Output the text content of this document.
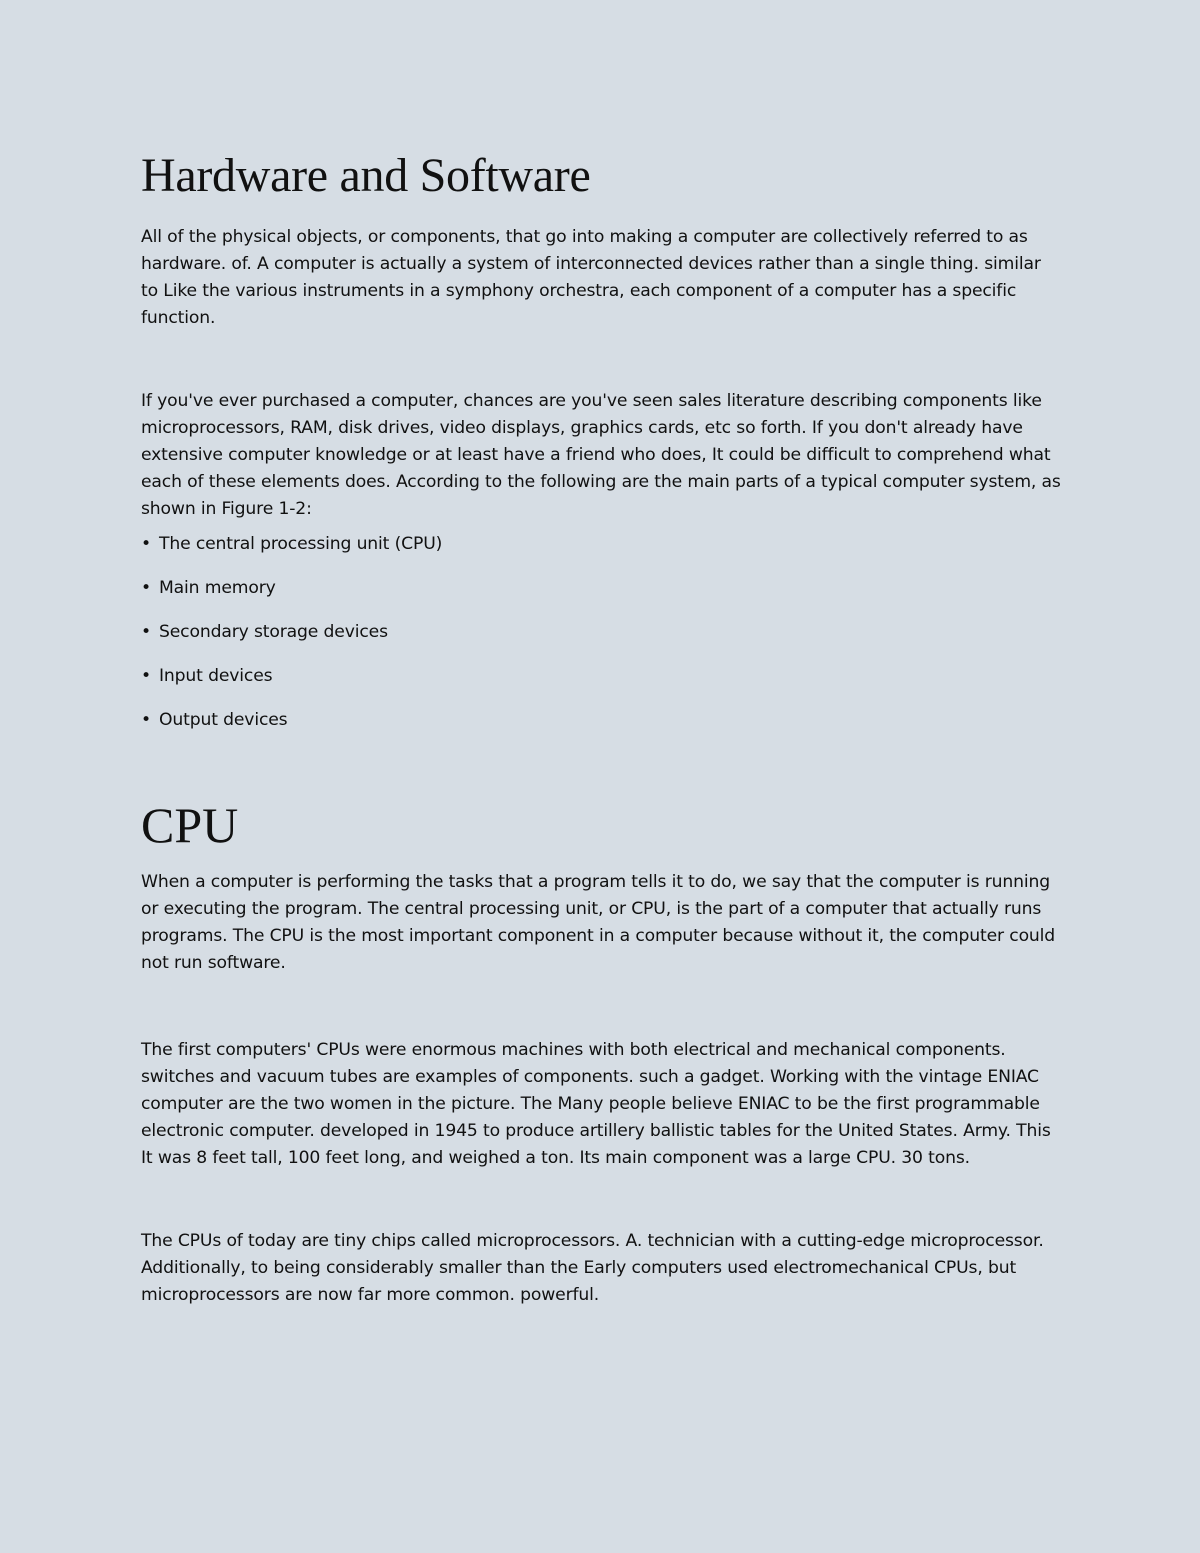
Hardware and Software

All of the physical objects, or components, that go into making a computer are collectively referred to as hardware. of. A computer is actually a system of interconnected devices rather than a single thing. similar to Like the various instruments in a symphony orchestra, each component of a computer has a specific function.

If you've ever purchased a computer, chances are you've seen sales literature describing components like microprocessors, RAM, disk drives, video displays, graphics cards, etc so forth. If you don't already have extensive computer knowledge or at least have a friend who does, It could be difficult to comprehend what each of these elements does. According to the following are the main parts of a typical computer system, as shown in Figure 1-2:

• The central processing unit (CPU)
• Main memory
• Secondary storage devices
• Input devices
• Output devices
CPU

When a computer is performing the tasks that a program tells it to do, we say that the computer is running or executing the program. The central processing unit, or CPU, is the part of a computer that actually runs programs. The CPU is the most important component in a computer because without it, the computer could not run software.

The first computers' CPUs were enormous machines with both electrical and mechanical components. switches and vacuum tubes are examples of components. such a gadget. Working with the vintage ENIAC computer are the two women in the picture. The Many people believe ENIAC to be the first programmable electronic computer. developed in 1945 to produce artillery ballistic tables for the United States. Army. This It was 8 feet tall, 100 feet long, and weighed a ton. Its main component was a large CPU. 30 tons.

The CPUs of today are tiny chips called microprocessors. A. technician with a cutting-edge microprocessor. Additionally, to being considerably smaller than the Early computers used electromechanical CPUs, but microprocessors are now far more common. powerful.
